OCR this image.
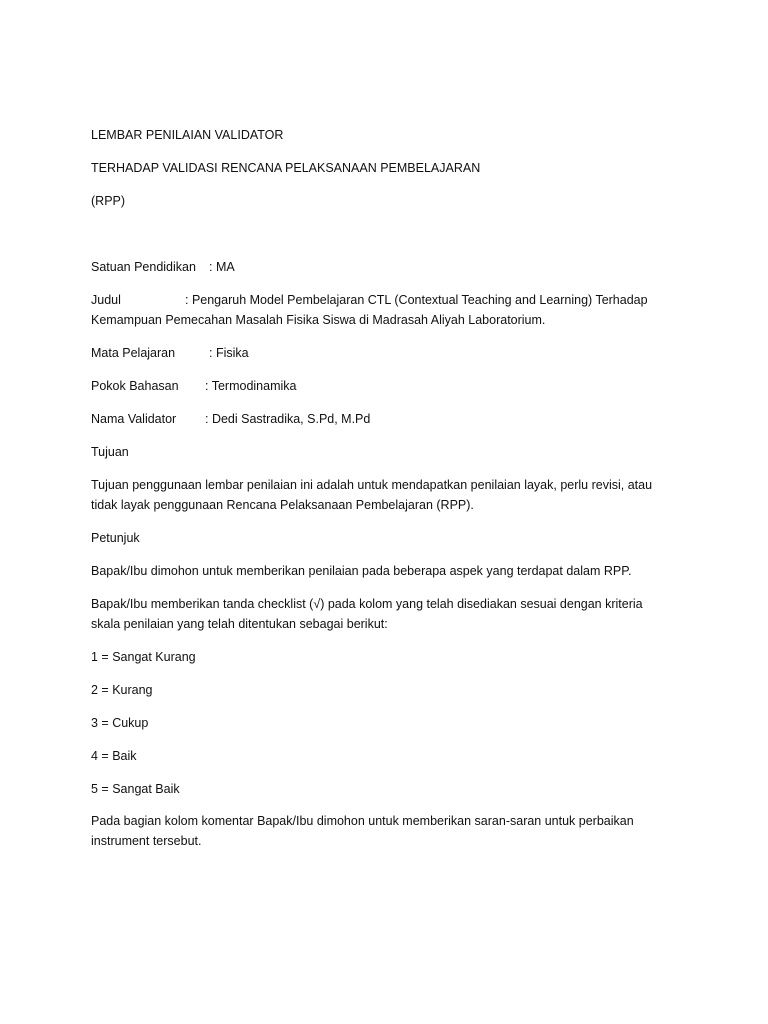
LEMBAR PENILAIAN VALIDATOR
TERHADAP VALIDASI RENCANA PELAKSANAAN PEMBELAJARAN
(RPP)
Satuan Pendidikan : MA
Judul	: Pengaruh Model Pembelajaran CTL (Contextual Teaching and Learning) Terhadap
Kemampuan Pemecahan Masalah Fisika Siswa di Madrasah Aliyah Laboratorium.
Mata Pelajaran	: Fisika
Pokok Bahasan : Termodinamika
Nama Validator : Dedi Sastradika, S.Pd, M.Pd
Tujuan
Tujuan penggunaan lembar penilaian ini adalah untuk mendapatkan penilaian layak, perlu revisi, atau tidak layak penggunaan Rencana Pelaksanaan Pembelajaran (RPP).
Petunjuk
Bapak/Ibu dimohon untuk memberikan penilaian pada beberapa aspek yang terdapat dalam RPP.
Bapak/Ibu memberikan tanda checklist (√) pada kolom yang telah disediakan sesuai dengan kriteria skala penilaian yang telah ditentukan sebagai berikut:
1 = Sangat Kurang
2 = Kurang
3 = Cukup
4 = Baik
5 = Sangat Baik
Pada bagian kolom komentar Bapak/Ibu dimohon untuk memberikan saran-saran untuk perbaikan instrument tersebut.
